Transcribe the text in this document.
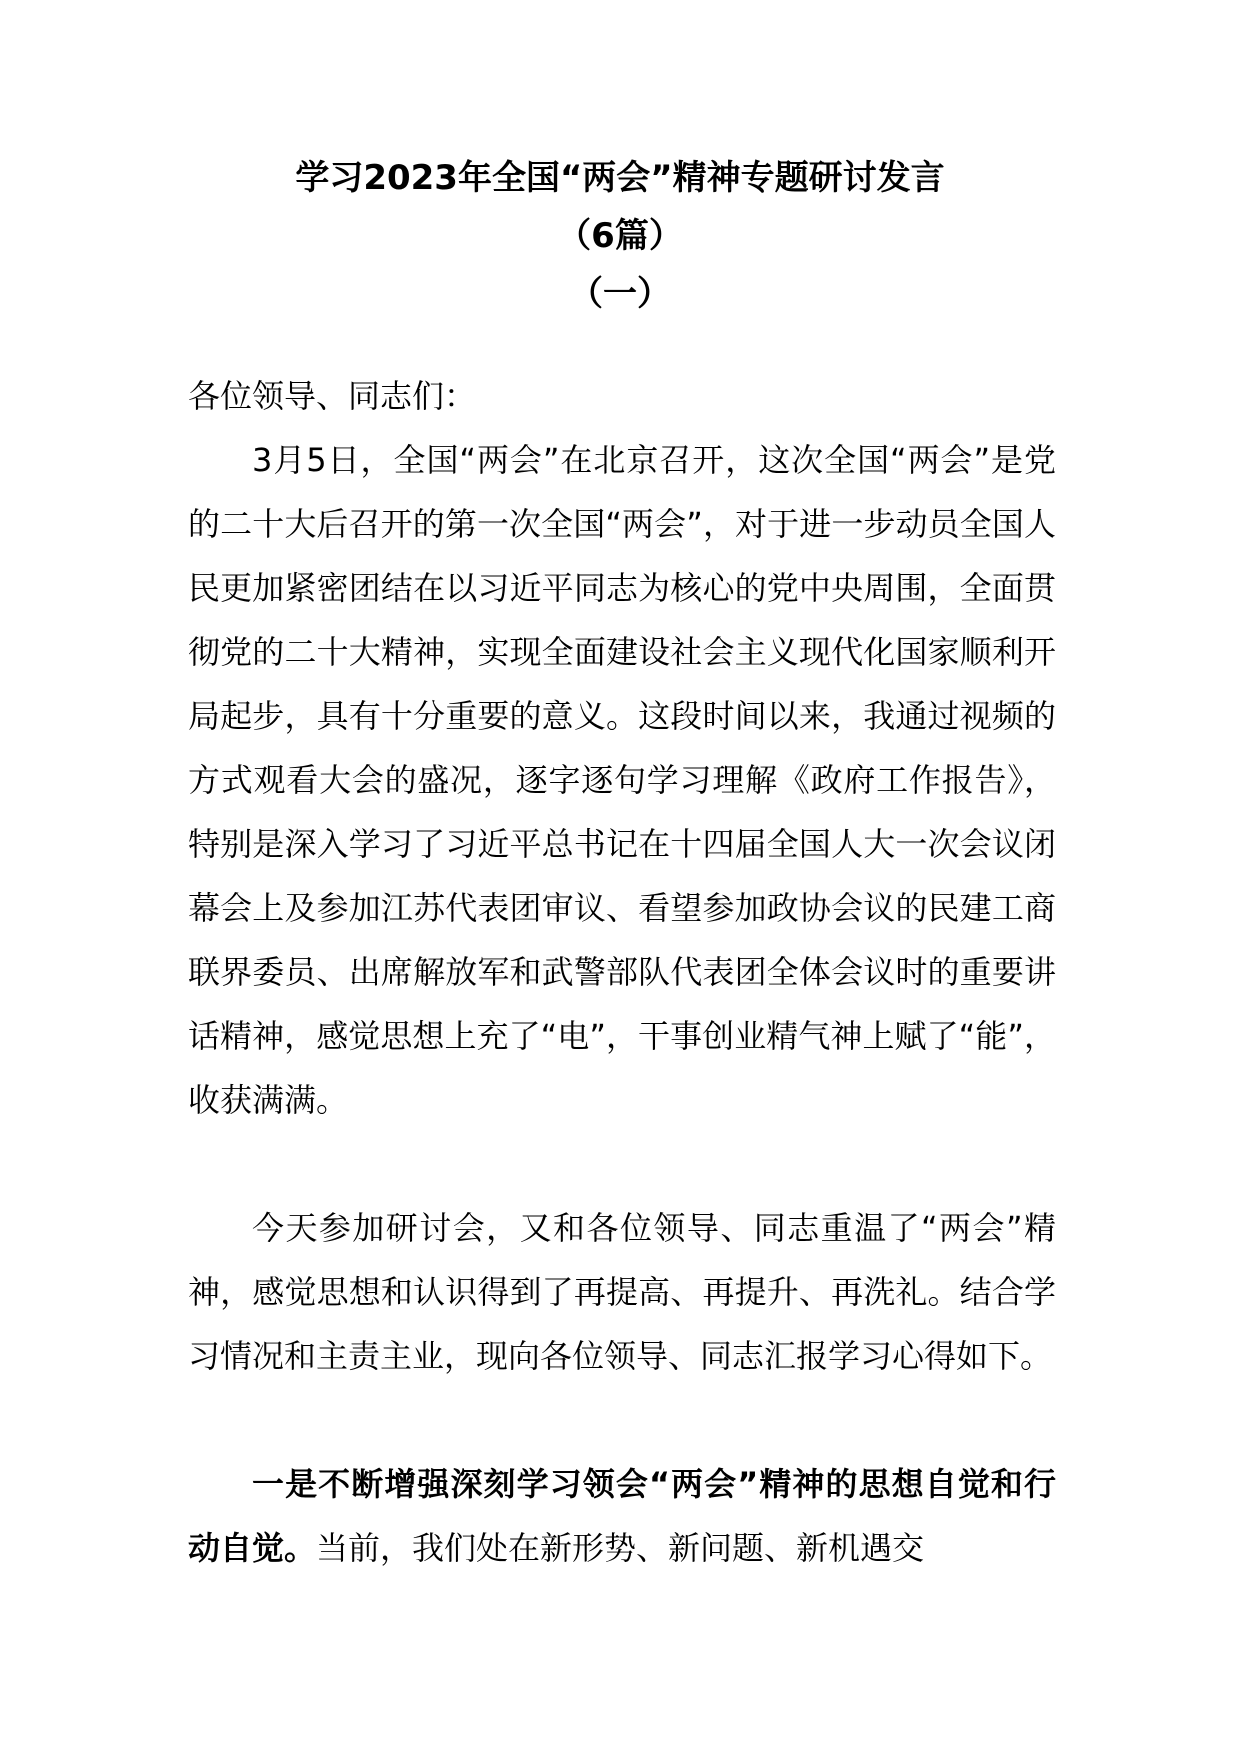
学习2023年全国“两会”精神专题研讨发言
（6篇）
（一）
各位领导、同志们：

3月5日，全国“两会”在北京召开，这次全国“两会”是党的二十大后召开的第一次全国“两会”，对于进一步动员全国人民更加紧密团结在以习近平同志为核心的党中央周围，全面贯彻党的二十大精神，实现全面建设社会主义现代化国家顺利开局起步，具有十分重要的意义。这段时间以来，我通过视频的方式观看大会的盛况，逐字逐句学习理解《政府工作报告》，特别是深入学习了习近平总书记在十四届全国人大一次会议闭幕会上及参加江苏代表团审议、看望参加政协会议的民建工商联界委员、出席解放军和武警部队代表团全体会议时的重要讲话精神，感觉思想上充了“电”，干事创业精气神上赋了“能”，收获满满。

今天参加研讨会，又和各位领导、同志重温了“两会”精神，感觉思想和认识得到了再提高、再提升、再洗礼。结合学习情况和主责主业，现向各位领导、同志汇报学习心得如下。

一是不断增强深刻学习领会“两会”精神的思想自觉和行动自觉。当前，我们处在新形势、新问题、新机遇交
